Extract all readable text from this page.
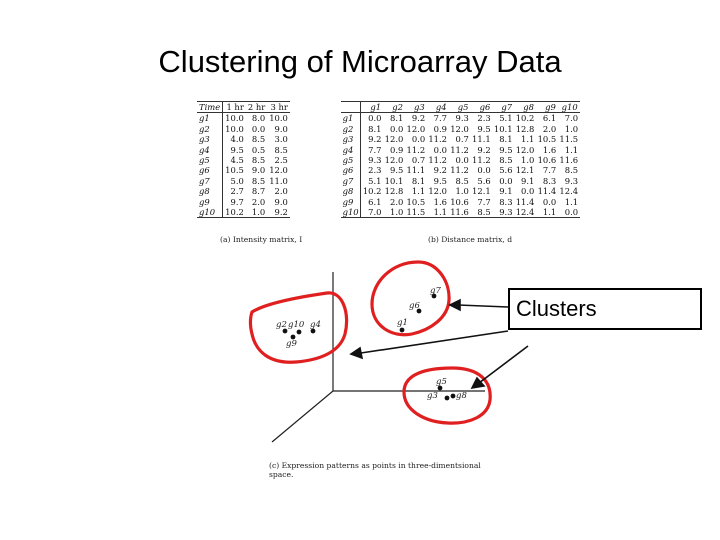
Clustering of Microarray Data
Time	1 hr	2 hr	3 hr
g1	10.0	8.0	10.0
g2	10.0	0.0	9.0
g3	4.0	8.5	3.0
g4	9.5	0.5	8.5
g5	4.5	8.5	2.5
g6	10.5	9.0	12.0
g7	5.0	8.5	11.0
g8	2.7	8.7	2.0
g9	9.7	2.0	9.0
g10	10.2	1.0	9.2
(a) Intensity matrix, I
	g1	g2	g3	g4	g5	g6	g7	g8	g9	g10
g1	0.0	8.1	9.2	7.7	9.3	2.3	5.1	10.2	6.1	7.0
g2	8.1	0.0	12.0	0.9	12.0	9.5	10.1	12.8	2.0	1.0
g3	9.2	12.0	0.0	11.2	0.7	11.1	8.1	1.1	10.5	11.5
g4	7.7	0.9	11.2	0.0	11.2	9.2	9.5	12.0	1.6	1.1
g5	9.3	12.0	0.7	11.2	0.0	11.2	8.5	1.0	10.6	11.6
g6	2.3	9.5	11.1	9.2	11.2	0.0	5.6	12.1	7.7	8.5
g7	5.1	10.1	8.1	9.5	8.5	5.6	0.0	9.1	8.3	9.3
g8	10.2	12.8	1.1	12.0	1.0	12.1	9.1	0.0	11.4	12.4
g9	6.1	2.0	10.5	1.6	10.6	7.7	8.3	11.4	0.0	1.1
g10	7.0	1.0	11.5	1.1	11.6	8.5	9.3	12.4	1.1	0.0
(b) Distance matrix, d
g7
g6
g1
g2 g10 g4
g9
g5
g3 g8
(c) Expression patterns as points in three-dimentsional space.
Clusters
